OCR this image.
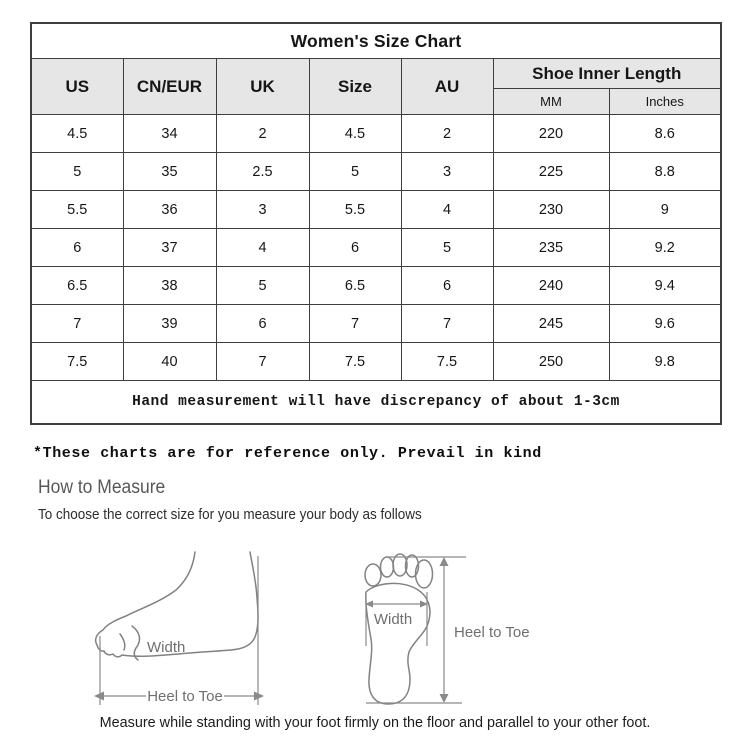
Women's Size Chart						
US	CN/EUR	UK	Size	AU	Shoe Inner Length	
					MM	Inches
4.5	34	2	4.5	2	220	8.6
5	35	2.5	5	3	225	8.8
5.5	36	3	5.5	4	230	9
6	37	4	6	5	235	9.2
6.5	38	5	6.5	6	240	9.4
7	39	6	7	7	245	9.6
7.5	40	7	7.5	7.5	250	9.8
Hand measurement will have discrepancy of about 1-3cm						
*These charts are for reference only. Prevail in kind
How to Measure
To choose the correct size for you measure your body as follows
Width
Heel to Toe
Width
Heel to Toe
Measure while standing with your foot firmly on the floor and parallel to your other foot.
